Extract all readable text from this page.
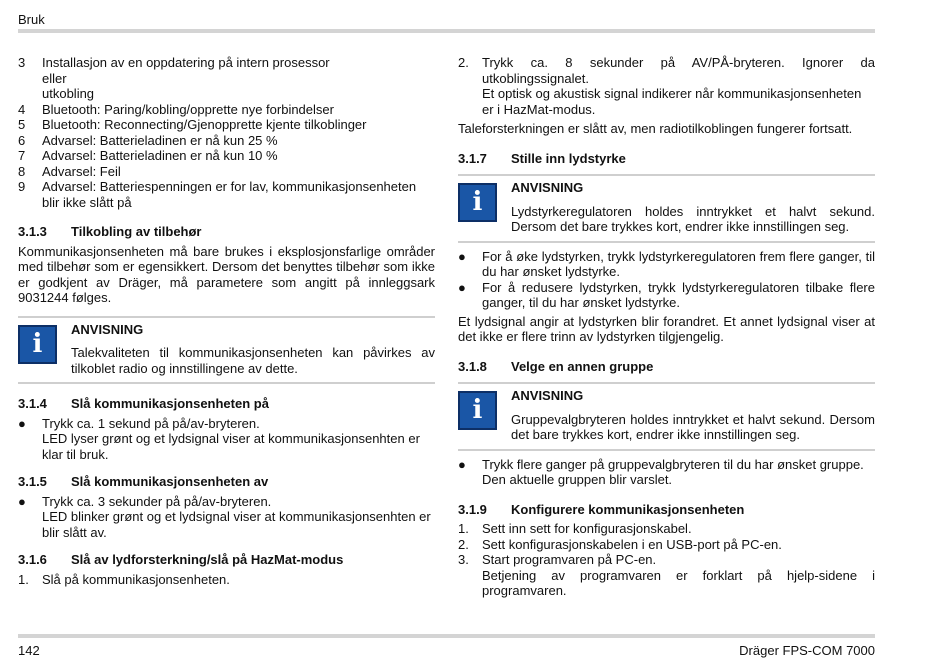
Bruk
3	Installasjon av en oppdatering på intern prosessor
eller
utkobling
4	Bluetooth: Paring/kobling/opprette nye forbindelser
5	Bluetooth: Reconnecting/Gjenopprette kjente tilkoblinger
6	Advarsel: Batterieladinen er nå kun 25 %
7	Advarsel: Batterieladinen er nå kun 10 %
8	Advarsel: Feil
9	Advarsel: Batteriespenningen er for lav, kommunikasjonsenheten blir ikke slått på
3.1.3	Tilkobling av tilbehør
Kommunikasjonsenheten må bare brukes i eksplosjonsfarlige områder med tilbehør som er egensikkert. Dersom det benyttes tilbehør som ikke er godkjent av Dräger, må parametere som angitt på innleggsark 9031244 følges.
i	ANVISNING
Talekvaliteten til kommunikasjonsenheten kan påvirkes av tilkoblet radio og innstillingene av dette.
3.1.4	Slå kommunikasjonsenheten på
●	Trykk ca. 1 sekund på på/av-bryteren.
LED lyser grønt og et lydsignal viser at kommunikasjonsenhten er klar til bruk.
3.1.5	Slå kommunikasjonsenheten av
●	Trykk ca. 3 sekunder på på/av-bryteren.
LED blinker grønt og et lydsignal viser at kommunikasjonsenhten er blir slått av.
3.1.6	Slå av lydforsterkning/slå på HazMat-modus
1.	Slå på kommunikasjonsenheten.
2.	Trykk ca. 8 sekunder på AV/PÅ-bryteren. Ignorer da utkoblingssignalet.
Et optisk og akustisk signal indikerer når kommunikasjonsenheten er i HazMat-modus.
Taleforsterkningen er slått av, men radiotilkoblingen fungerer fortsatt.
3.1.7	Stille inn lydstyrke
i	ANVISNING
Lydstyrkeregulatoren holdes inntrykket et halvt sekund. Dersom det bare trykkes kort, endrer ikke innstillingen seg.
●	For å øke lydstyrken, trykk lydstyrkeregulatoren frem flere ganger, til du har ønsket lydstyrke.
●	For å redusere lydstyrken, trykk lydstyrkeregulatoren tilbake flere ganger, til du har ønsket lydstyrke.
Et lydsignal angir at lydstyrken blir forandret. Et annet lydsignal viser at det ikke er flere trinn av lydstyrken tilgjengelig.
3.1.8	Velge en annen gruppe
i	ANVISNING
Gruppevalgbryteren holdes inntrykket et halvt sekund. Dersom det bare trykkes kort, endrer ikke innstillingen seg.
●	Trykk flere ganger på gruppevalgbryteren til du har ønsket gruppe. Den aktuelle gruppen blir varslet.
3.1.9	Konfigurere kommunikasjonsenheten
1.	Sett inn sett for konfigurasjonskabel.
2.	Sett konfigurasjonskabelen i en USB-port på PC-en.
3.	Start programvaren på PC-en.
Betjening av programvaren er forklart på hjelp-sidene i programvaren.
142	Dräger FPS-COM 7000
